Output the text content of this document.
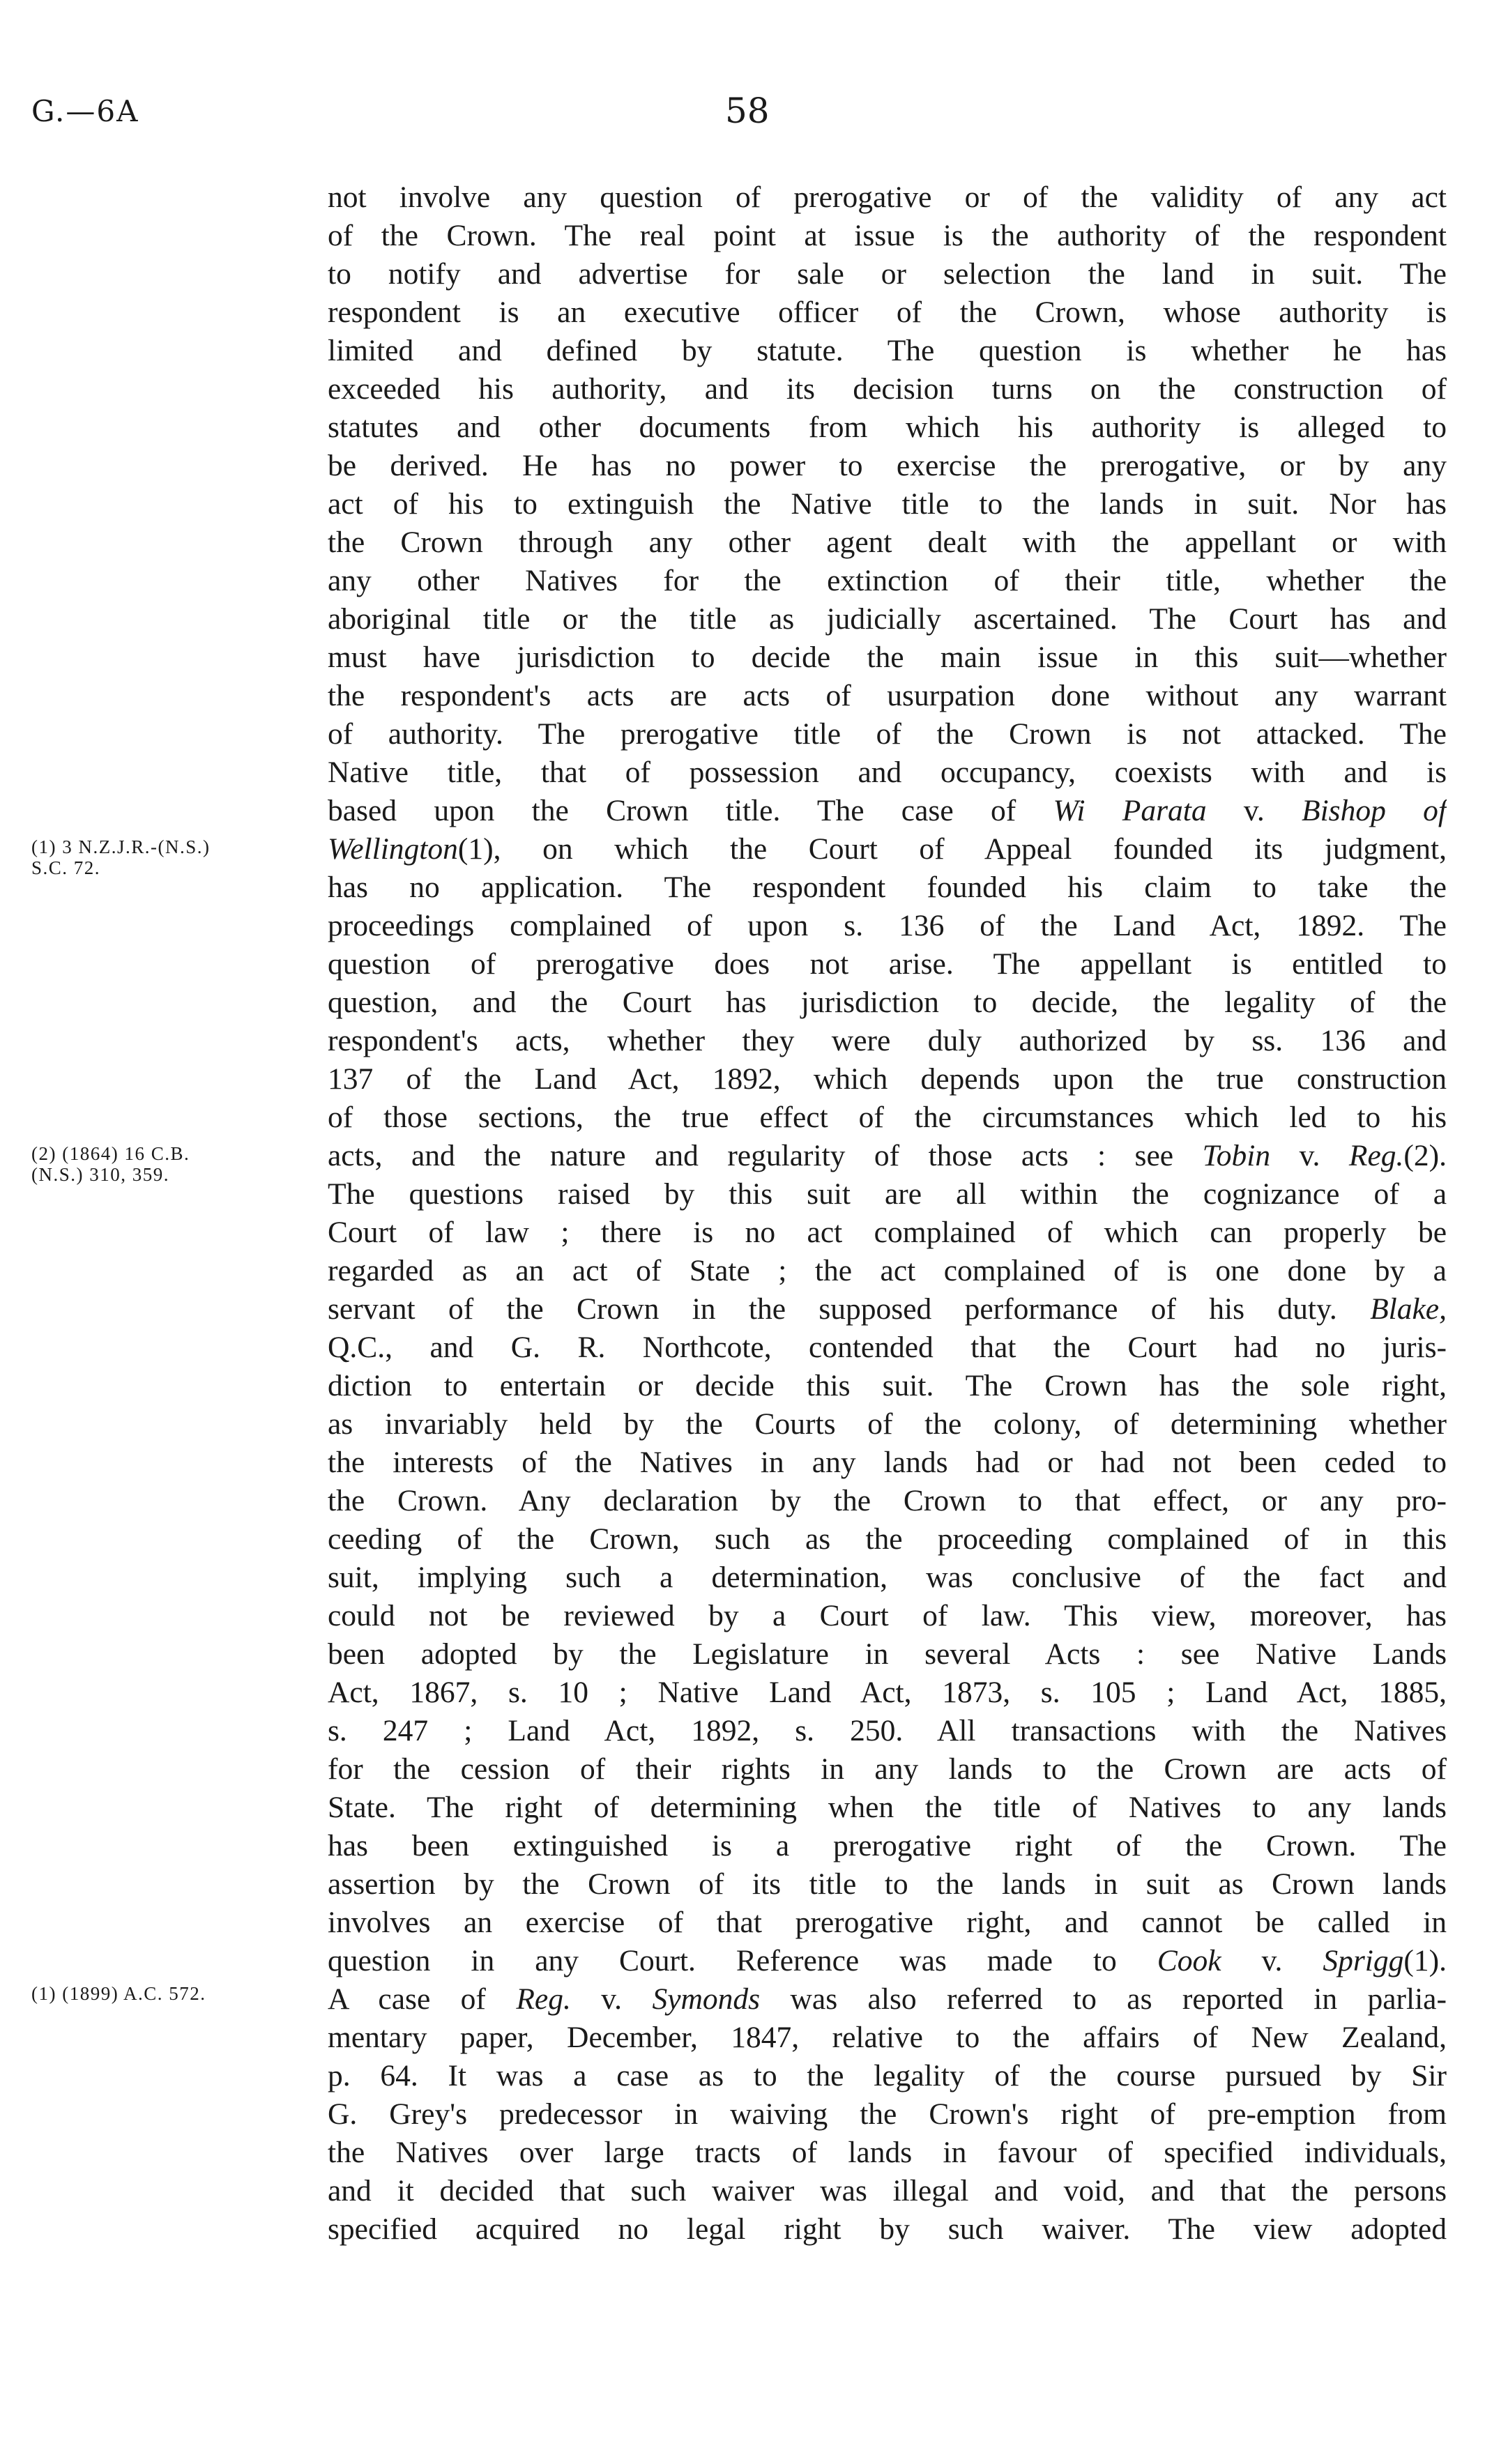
G.—6A	58
(1) 3 N.Z.J.R.-(N.S.)
S.C. 72.
(2) (1864) 16 C.B.
(N.S.) 310, 359.
(1) (1899) A.C. 572.
not involve any question of prerogative or of the validity of any act
of the Crown. The real point at issue is the authority of the respondent
to notify and advertise for sale or selection the land in suit. The
respondent is an executive officer of the Crown, whose authority is
limited and defined by statute. The question is whether he has
exceeded his authority, and its decision turns on the construction of
statutes and other documents from which his authority is alleged to
be derived. He has no power to exercise the prerogative, or by any
act of his to extinguish the Native title to the lands in suit. Nor has
the Crown through any other agent dealt with the appellant or with
any other Natives for the extinction of their title, whether the
aboriginal title or the title as judicially ascertained. The Court has and
must have jurisdiction to decide the main issue in this suit—whether
the respondent's acts are acts of usurpation done without any warrant
of authority. The prerogative title of the Crown is not attacked. The
Native title, that of possession and occupancy, coexists with and is
based upon the Crown title. The case of Wi Parata v. Bishop of
Wellington(1), on which the Court of Appeal founded its judgment,
has no application. The respondent founded his claim to take the
proceedings complained of upon s. 136 of the Land Act, 1892. The
question of prerogative does not arise. The appellant is entitled to
question, and the Court has jurisdiction to decide, the legality of the
respondent's acts, whether they were duly authorized by ss. 136 and
137 of the Land Act, 1892, which depends upon the true construction
of those sections, the true effect of the circumstances which led to his
acts, and the nature and regularity of those acts : see Tobin v. Reg.(2).
The questions raised by this suit are all within the cognizance of a
Court of law ; there is no act complained of which can properly be
regarded as an act of State ; the act complained of is one done by a
servant of the Crown in the supposed performance of his duty. Blake,
Q.C., and G. R. Northcote, contended that the Court had no juris-
diction to entertain or decide this suit. The Crown has the sole right,
as invariably held by the Courts of the colony, of determining whether
the interests of the Natives in any lands had or had not been ceded to
the Crown. Any declaration by the Crown to that effect, or any pro-
ceeding of the Crown, such as the proceeding complained of in this
suit, implying such a determination, was conclusive of the fact and
could not be reviewed by a Court of law. This view, moreover, has
been adopted by the Legislature in several Acts : see Native Lands
Act, 1867, s. 10 ; Native Land Act, 1873, s. 105 ; Land Act, 1885,
s. 247 ; Land Act, 1892, s. 250. All transactions with the Natives
for the cession of their rights in any lands to the Crown are acts of
State. The right of determining when the title of Natives to any lands
has been extinguished is a prerogative right of the Crown. The
assertion by the Crown of its title to the lands in suit as Crown lands
involves an exercise of that prerogative right, and cannot be called in
question in any Court. Reference was made to Cook v. Sprigg(1).
A case of Reg. v. Symonds was also referred to as reported in parlia-
mentary paper, December, 1847, relative to the affairs of New Zealand,
p. 64. It was a case as to the legality of the course pursued by Sir
G. Grey's predecessor in waiving the Crown's right of pre-emption from
the Natives over large tracts of lands in favour of specified individuals,
and it decided that such waiver was illegal and void, and that the persons
specified acquired no legal right by such waiver. The view adopted
